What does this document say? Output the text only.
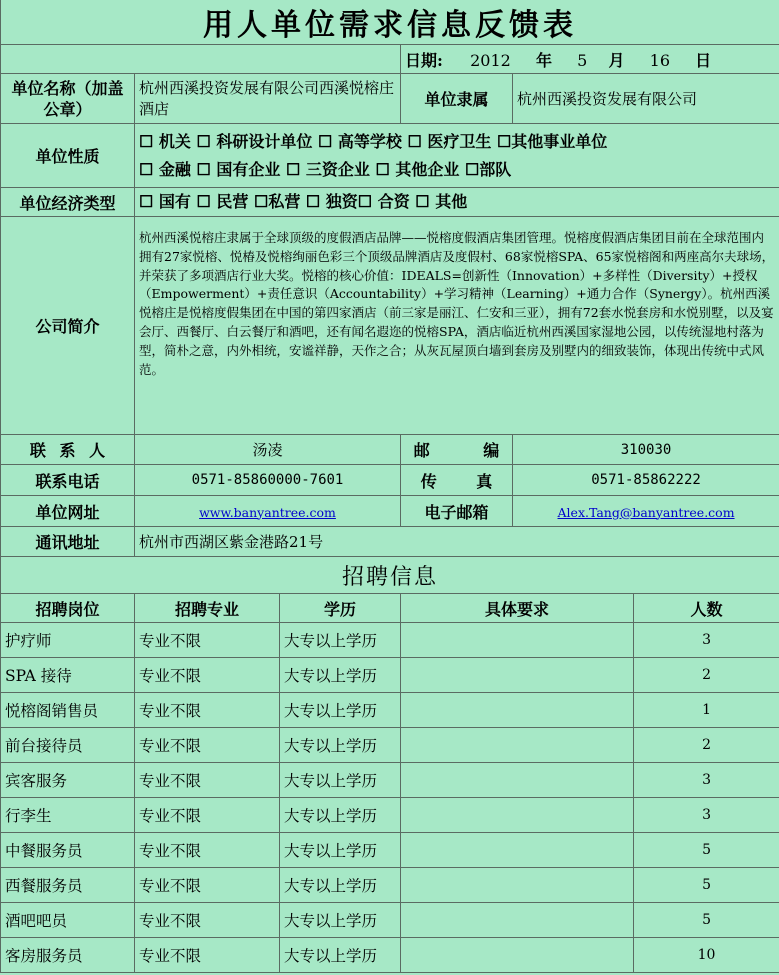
用人单位需求信息反馈表					
			日期: 2012 年 5 月 16 日		
单位名称（加盖公章）	杭州西溪投资发展有限公司西溪悦榕庄酒店		单位隶属	杭州西溪投资发展有限公司	
单位性质	☐ 机关 ☐ 科研设计单位 ☐ 高等学校 ☐ 医疗卫生 ☐其他事业单位
☐ 金融 ☐ 国有企业 ☐ 三资企业 ☐ 其他企业 ☐部队				

单位经济类型	☐ 国有 ☐ 民营 ☐私营 ☐ 独资☐ 合资 ☐ 其他				
公司简介	杭州西溪悦榕庄隶属于全球顶级的度假酒店品牌——悦榕度假酒店集团管理。悦榕度假酒店集团目前在全球范围内拥有27家悦榕、悦椿及悦榕绚丽色彩三个顶级品牌酒店及度假村、68家悦榕SPA、65家悦榕阁和两座高尔夫球场，并荣获了多项酒店行业大奖。悦榕的核心价值：IDEALS=创新性（Innovation）+多样性（Diversity）+授权（Empowerment）+责任意识（Accountability）+学习精神（Learning）+通力合作（Synergy）。杭州西溪悦榕庄是悦榕度假集团在中国的第四家酒店（前三家是丽江、仁安和三亚），拥有72套水悦套房和水悦别墅，以及宴会厅、西餐厅、白云餐厅和酒吧，还有闻名遐迩的悦榕SPA，酒店临近杭州西溪国家湿地公园，以传统湿地村落为型，简朴之意，内外相统，安谧祥静，天作之合；从灰瓦屋顶白墙到套房及别墅内的细致装饰，体现出传统中式风范。				
联 系 人	汤凌		邮 编	310030	
联系电话	0571-85860000-7601		传 真	0571-85862222	
单位网址	www.banyantree.com		电子邮箱	Alex.Tang@banyantree.com	
通讯地址	杭州市西湖区紫金港路21号				
招聘信息					
招聘岗位	招聘专业	学历	具体要求		人数
护疗师	专业不限	大专以上学历			3
SPA 接待	专业不限	大专以上学历			2
悦榕阁销售员	专业不限	大专以上学历			1
前台接待员	专业不限	大专以上学历			2
宾客服务	专业不限	大专以上学历			3
行李生	专业不限	大专以上学历			3
中餐服务员	专业不限	大专以上学历			5
西餐服务员	专业不限	大专以上学历			5
酒吧吧员	专业不限	大专以上学历			5
客房服务员	专业不限	大专以上学历			10
